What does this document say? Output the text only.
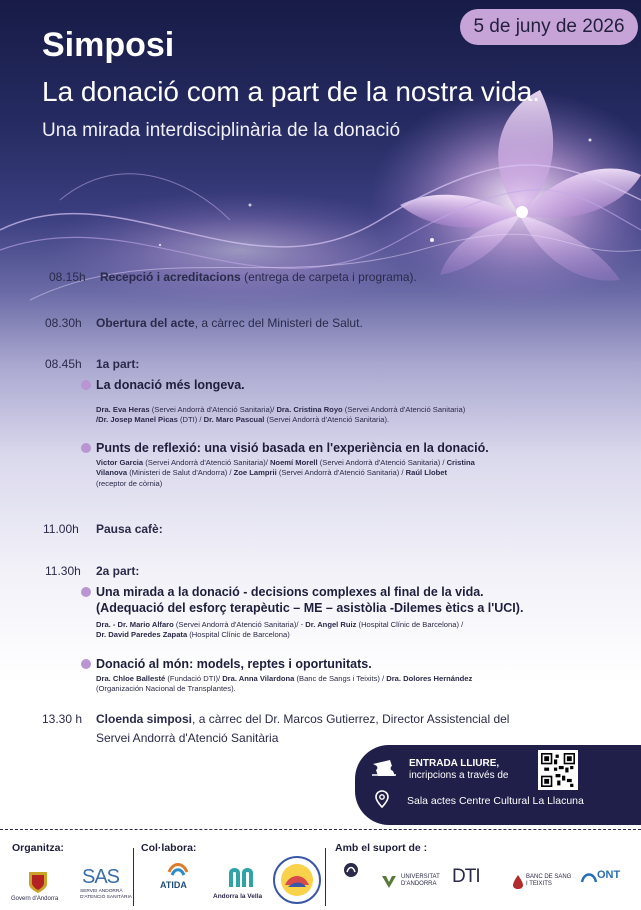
5 de juny de 2026
Simposi
La donació com a part de la nostra vida.
Una mirada interdisciplinària de la donació
08.15h Recepció i acreditacions (entrega de carpeta i programa).
08.30h Obertura del acte, a càrrec del Ministeri de Salut.
08.45h 1a part:
La donació més longeva.
Dra. Eva Heras (Servei Andorrà d'Atenció Sanitaria)/ Dra. Cristina Royo (Servei Andorrà d'Atenció Sanitaria)
/Dr. Josep Manel Picas (DTI) / Dr. Marc Pascual (Servei Andorrà d'Atenció Sanitaria).
Punts de reflexió: una visió basada en l'experiència en la donació.
Victor Garcia (Servei Andorrà d'Atenció Sanitaria)/ Noemí Morell (Servei Andorrà d'Atenció Sanitaria) / Cristina
Vilanova (Ministeri de Salut d'Andorra) / Zoe Lamprii (Servei Andorrà d'Atenció Sanitaria) / Raúl Llobet
(receptor de còrnia)
11.00h Pausa cafè:
11.30h 2a part:
Una mirada a la donació - decisions complexes al final de la vida.
(Adequació del esforç terapèutic – ME – asistòlia -Dilemes ètics a l'UCI).
Dra. - Dr. Mario Alfaro (Servei Andorrà d'Atenció Sanitaria)/ - Dr. Angel Ruiz (Hospital Clínic de Barcelona) /
Dr. David Paredes Zapata (Hospital Clínic de Barcelona)
Donació al món: models, reptes i oportunitats.
Dra. Chloe Ballesté (Fundació DTI)/ Dra. Anna Vilardona (Banc de Sangs i Teixits) / Dra. Dolores Hernández
(Organización Nacional de Transplantes).
13.30 h Cloenda simposi, a càrrec del Dr. Marcos Gutierrez, Director Assistencial del
Servei Andorrà d'Atenció Sanitària
ENTRADA LLIURE,
incripcions a través de
Sala actes Centre Cultural La Llacuna
Organitza:	Col·labora:	Amb el suport de :
Govern d'Andorra
SAS
SERVEI ANDORRÀ D'ATENCIÓ SANITÀRIA
ATIDA
Andorra la Vella
UNIVERSITAT D'ANDORRA DTI	BANC DE SANG I TEIXITS
ONT
